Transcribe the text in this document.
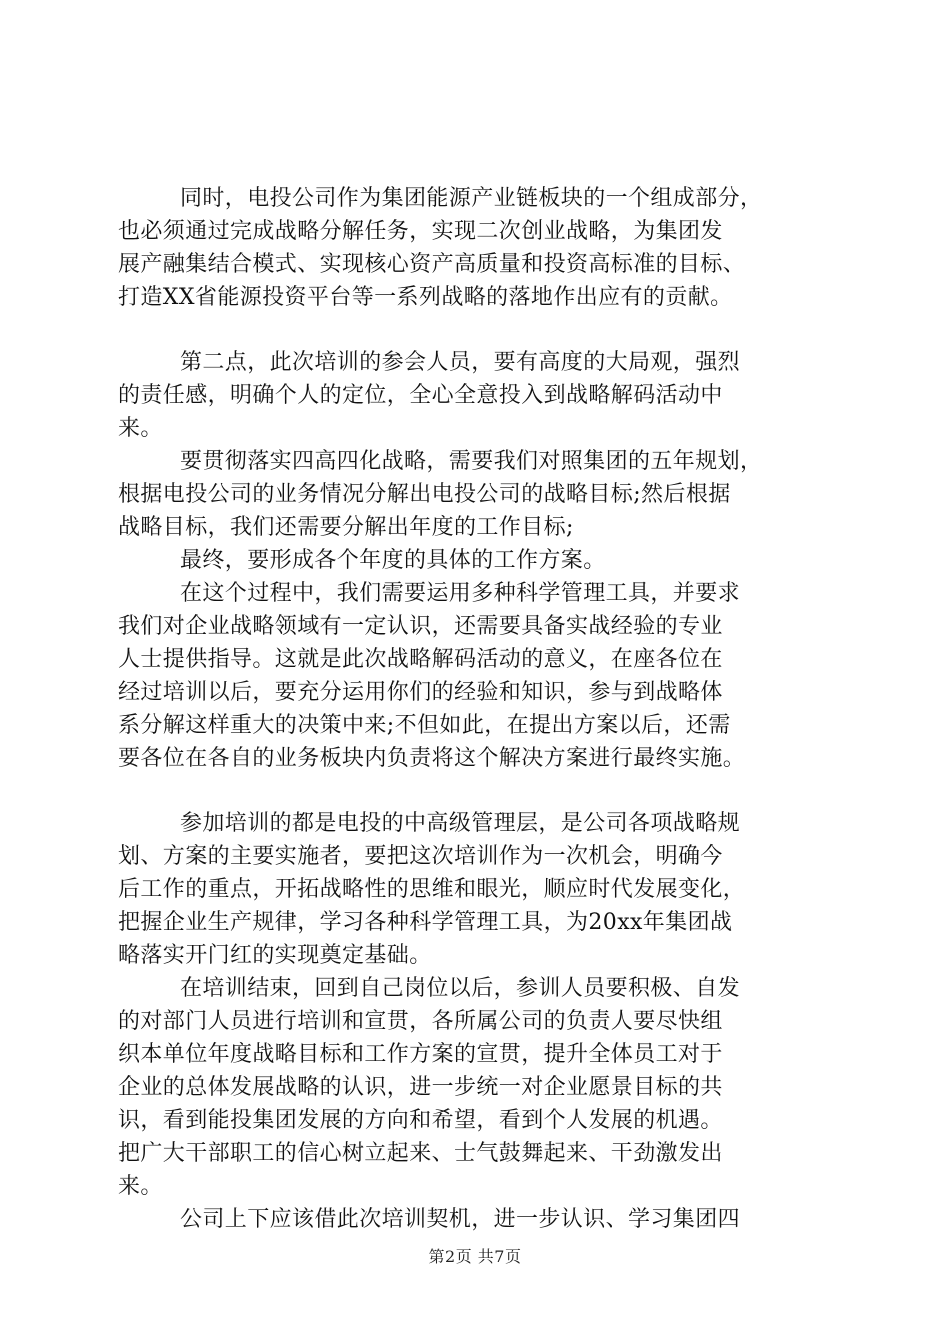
同时，电投公司作为集团能源产业链板块的一个组成部分，
也必须通过完成战略分解任务，实现二次创业战略，为集团发
展产融集结合模式、实现核心资产高质量和投资高标准的目标、
打造XX省能源投资平台等一系列战略的落地作出应有的贡献。
第二点，此次培训的参会人员，要有高度的大局观，强烈
的责任感，明确个人的定位，全心全意投入到战略解码活动中
来。
要贯彻落实四高四化战略，需要我们对照集团的五年规划，
根据电投公司的业务情况分解出电投公司的战略目标;然后根据
战略目标，我们还需要分解出年度的工作目标;
最终，要形成各个年度的具体的工作方案。
在这个过程中，我们需要运用多种科学管理工具，并要求
我们对企业战略领域有一定认识，还需要具备实战经验的专业
人士提供指导。这就是此次战略解码活动的意义，在座各位在
经过培训以后，要充分运用你们的经验和知识，参与到战略体
系分解这样重大的决策中来;不但如此，在提出方案以后，还需
要各位在各自的业务板块内负责将这个解决方案进行最终实施。
参加培训的都是电投的中高级管理层，是公司各项战略规
划、方案的主要实施者，要把这次培训作为一次机会，明确今
后工作的重点，开拓战略性的思维和眼光，顺应时代发展变化，
把握企业生产规律，学习各种科学管理工具，为20xx年集团战
略落实开门红的实现奠定基础。
在培训结束，回到自己岗位以后，参训人员要积极、自发
的对部门人员进行培训和宣贯，各所属公司的负责人要尽快组
织本单位年度战略目标和工作方案的宣贯，提升全体员工对于
企业的总体发展战略的认识，进一步统一对企业愿景目标的共
识，看到能投集团发展的方向和希望，看到个人发展的机遇。
把广大干部职工的信心树立起来、士气鼓舞起来、干劲激发出
来。
公司上下应该借此次培训契机，进一步认识、学习集团四
第2页 共7页
